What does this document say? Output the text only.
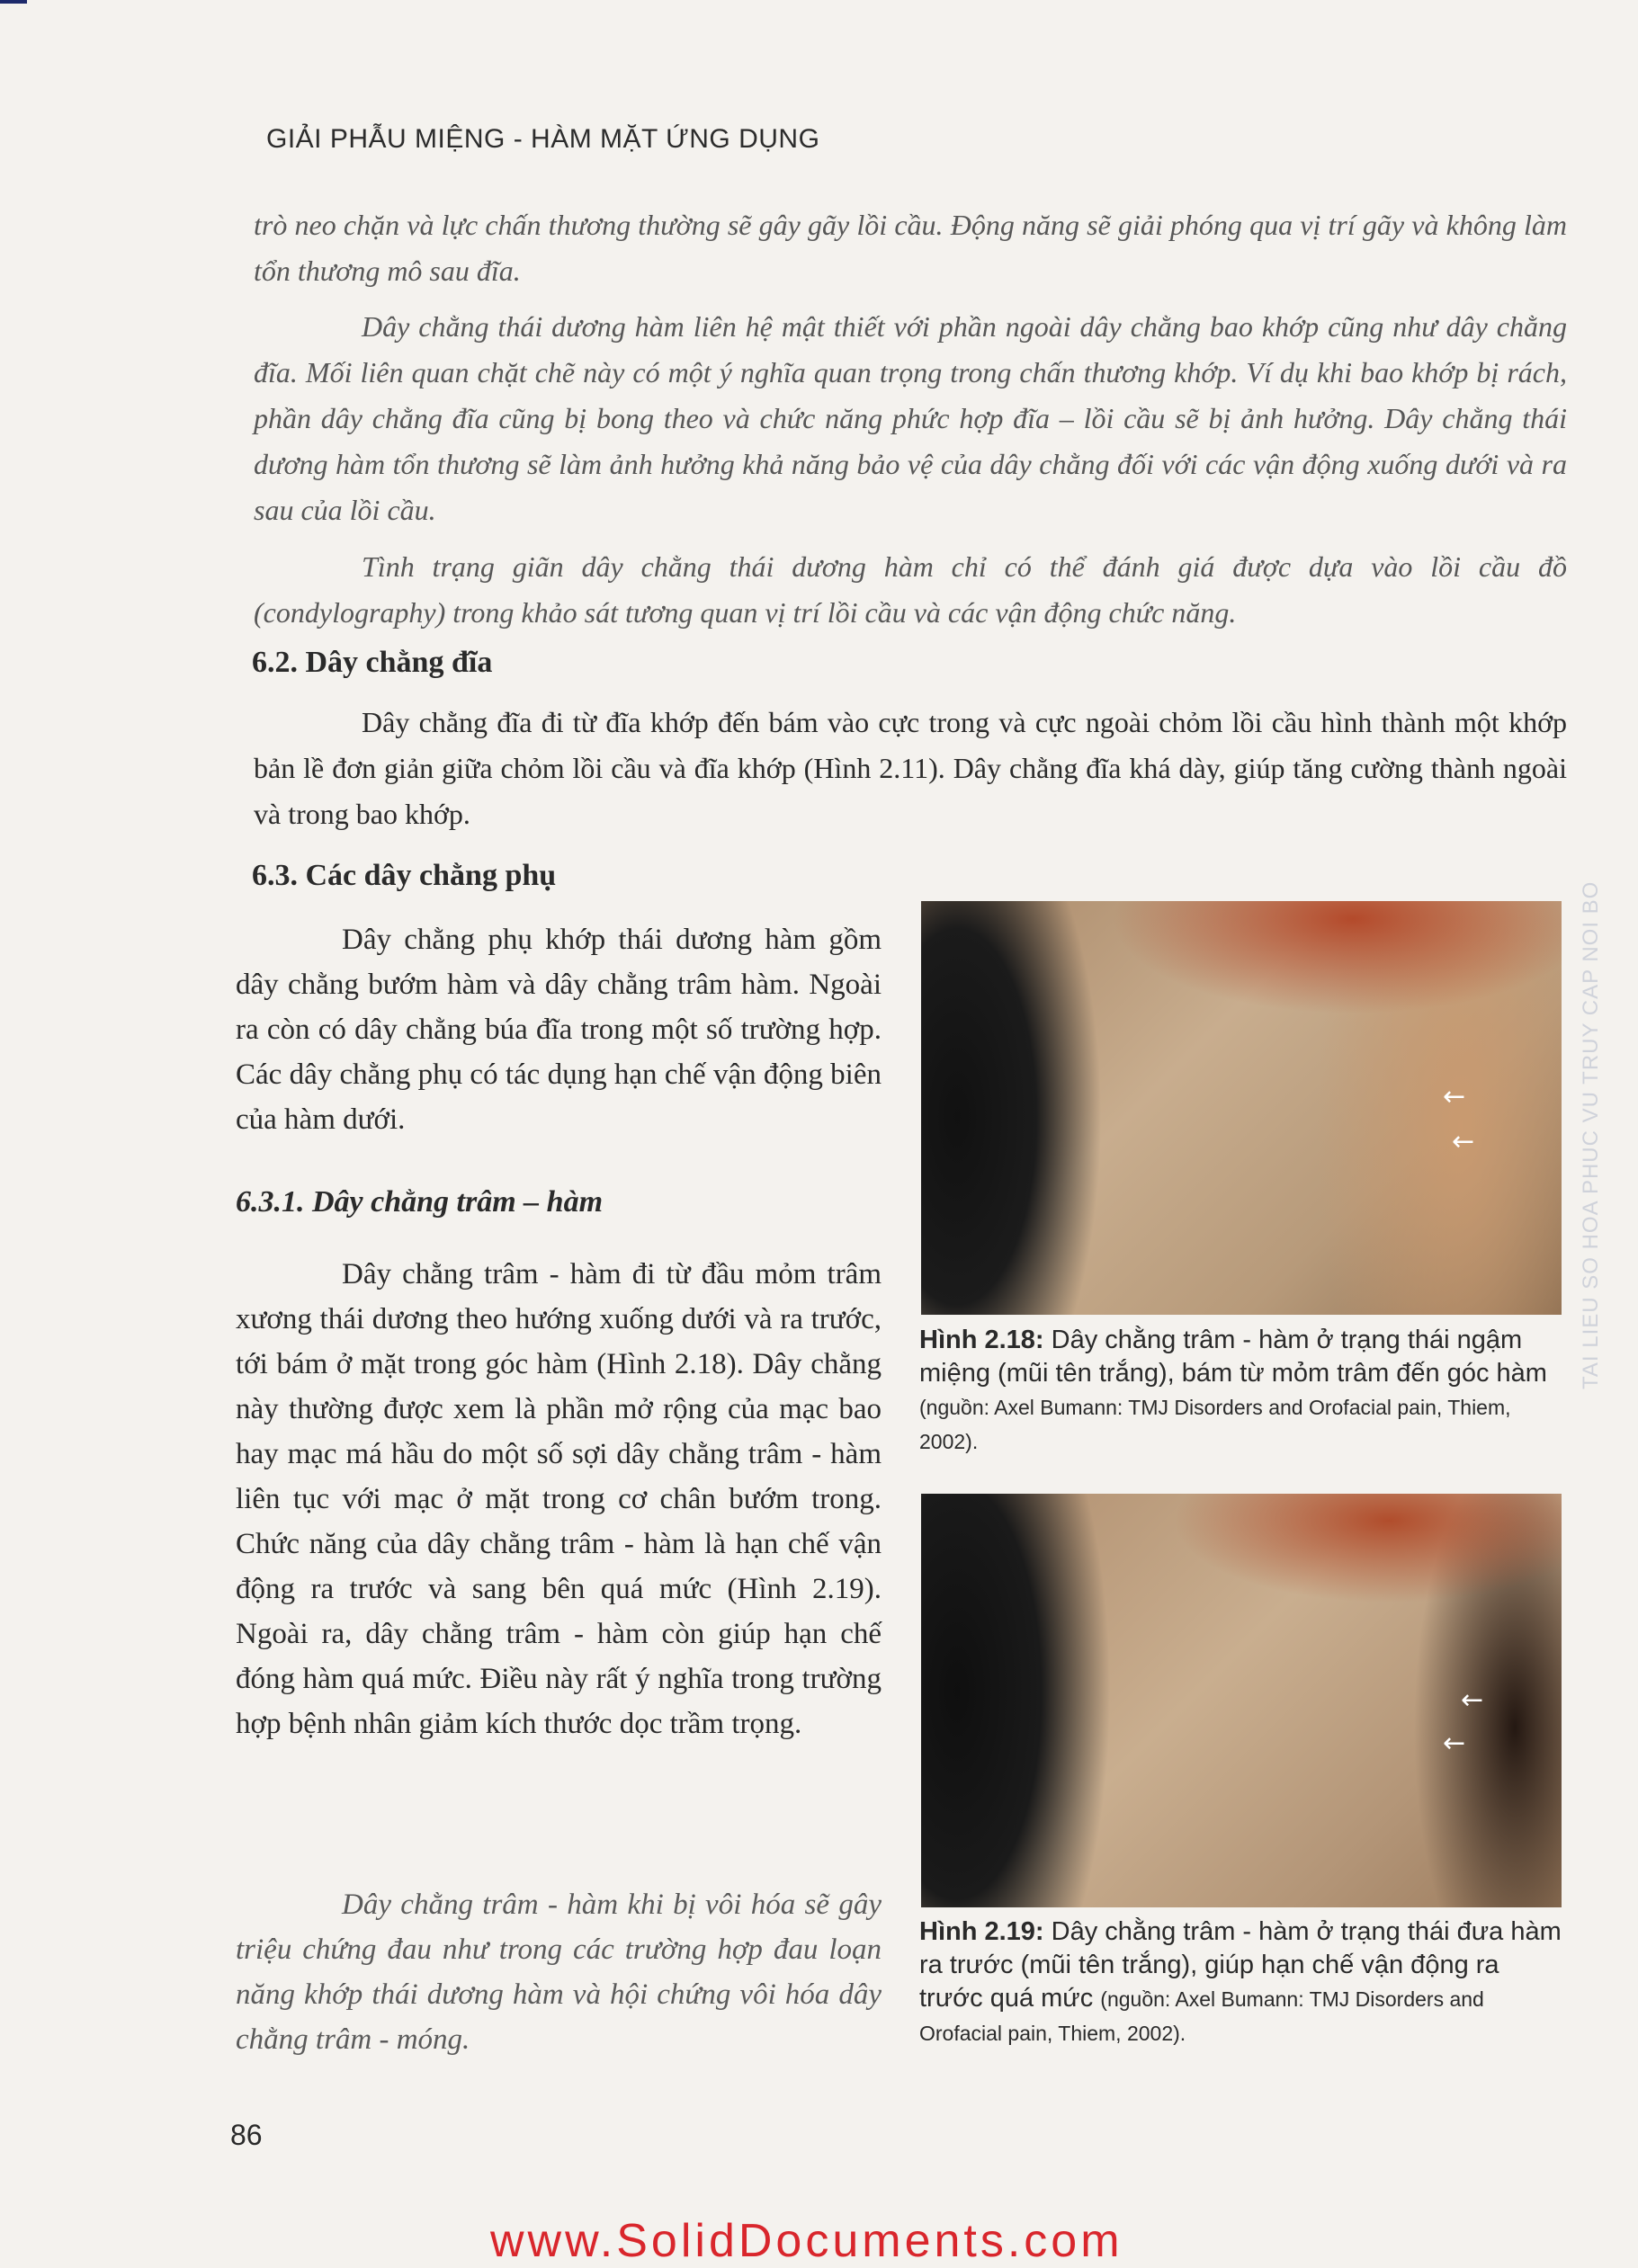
GIẢI PHẪU MIỆNG - HÀM MẶT ỨNG DỤNG

trò neo chặn và lực chấn thương thường sẽ gây gãy lồi cầu. Động năng sẽ giải phóng qua vị trí gãy và không làm tổn thương mô sau đĩa.

Dây chằng thái dương hàm liên hệ mật thiết với phần ngoài dây chằng bao khớp cũng như dây chằng đĩa. Mối liên quan chặt chẽ này có một ý nghĩa quan trọng trong chấn thương khớp. Ví dụ khi bao khớp bị rách, phần dây chằng đĩa cũng bị bong theo và chức năng phức hợp đĩa – lồi cầu sẽ bị ảnh hưởng. Dây chằng thái dương hàm tổn thương sẽ làm ảnh hưởng khả năng bảo vệ của dây chằng đối với các vận động xuống dưới và ra sau của lồi cầu.

Tình trạng giãn dây chằng thái dương hàm chỉ có thể đánh giá được dựa vào lồi cầu đồ (condylography) trong khảo sát tương quan vị trí lồi cầu và các vận động chức năng.

6.2. Dây chằng đĩa

Dây chằng đĩa đi từ đĩa khớp đến bám vào cực trong và cực ngoài chỏm lồi cầu hình thành một khớp bản lề đơn giản giữa chỏm lồi cầu và đĩa khớp (Hình 2.11). Dây chằng đĩa khá dày, giúp tăng cường thành ngoài và trong bao khớp.

6.3. Các dây chằng phụ

Dây chằng phụ khớp thái dương hàm gồm dây chằng bướm hàm và dây chằng trâm hàm. Ngoài ra còn có dây chằng búa đĩa trong một số trường hợp. Các dây chằng phụ có tác dụng hạn chế vận động biên của hàm dưới.

6.3.1. Dây chằng trâm – hàm

Dây chằng trâm - hàm đi từ đầu mỏm trâm xương thái dương theo hướng xuống dưới và ra trước, tới bám ở mặt trong góc hàm (Hình 2.18). Dây chằng này thường được xem là phần mở rộng của mạc bao hay mạc má hầu do một số sợi dây chằng trâm - hàm liên tục với mạc ở mặt trong cơ chân bướm trong. Chức năng của dây chằng trâm - hàm là hạn chế vận động ra trước và sang bên quá mức (Hình 2.19). Ngoài ra, dây chằng trâm - hàm còn giúp hạn chế đóng hàm quá mức. Điều này rất ý nghĩa trong trường hợp bệnh nhân giảm kích thước dọc trầm trọng.

Dây chằng trâm - hàm khi bị vôi hóa sẽ gây triệu chứng đau như trong các trường hợp đau loạn năng khớp thái dương hàm và hội chứng vôi hóa dây chằng trâm - móng.

←
←

Hình 2.18: Dây chằng trâm - hàm ở trạng thái ngậm miệng (mũi tên trắng), bám từ mỏm trâm đến góc hàm (nguồn: Axel Bumann: TMJ Disorders and Orofacial pain, Thiem, 2002).

←
←

Hình 2.19: Dây chằng trâm - hàm ở trạng thái đưa hàm ra trước (mũi tên trắng), giúp hạn chế vận động ra trước quá mức (nguồn: Axel Bumann: TMJ Disorders and Orofacial pain, Thiem, 2002).

TAI LIEU SO HOA PHUC VU TRUY CAP NOI BO
86
www.SolidDocuments.com
